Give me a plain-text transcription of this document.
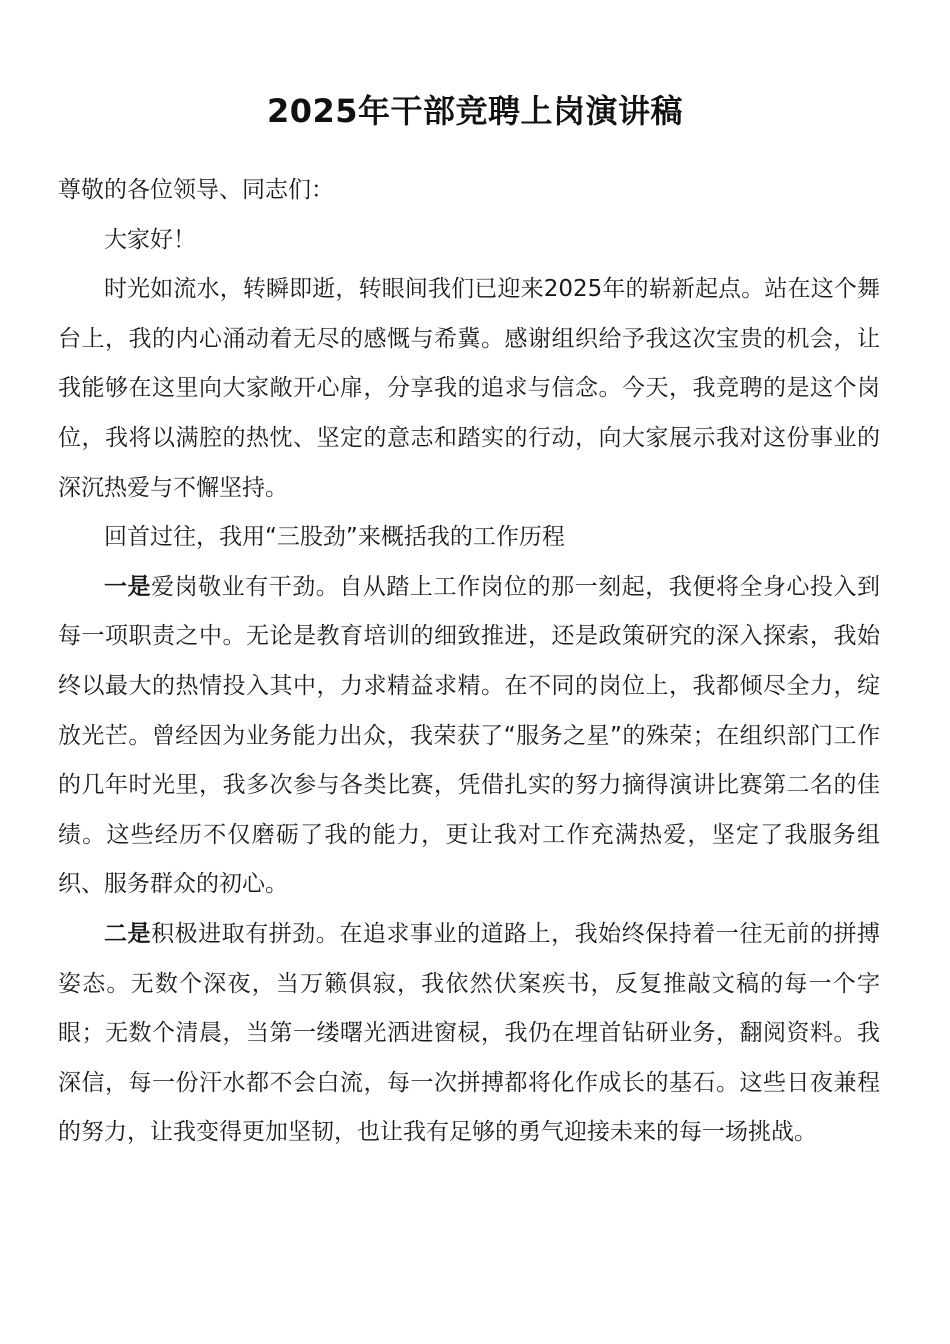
2025年干部竞聘上岗演讲稿

尊敬的各位领导、同志们：

大家好！

时光如流水，转瞬即逝，转眼间我们已迎来2025年的崭新起点。站在这个舞台上，我的内心涌动着无尽的感慨与希冀。感谢组织给予我这次宝贵的机会，让我能够在这里向大家敞开心扉，分享我的追求与信念。今天，我竞聘的是这个岗位，我将以满腔的热忱、坚定的意志和踏实的行动，向大家展示我对这份事业的深沉热爱与不懈坚持。

回首过往，我用“三股劲”来概括我的工作历程

一是爱岗敬业有干劲。自从踏上工作岗位的那一刻起，我便将全身心投入到每一项职责之中。无论是教育培训的细致推进，还是政策研究的深入探索，我始终以最大的热情投入其中，力求精益求精。在不同的岗位上，我都倾尽全力，绽放光芒。曾经因为业务能力出众，我荣获了“服务之星”的殊荣；在组织部门工作的几年时光里，我多次参与各类比赛，凭借扎实的努力摘得演讲比赛第二名的佳绩。这些经历不仅磨砺了我的能力，更让我对工作充满热爱，坚定了我服务组织、服务群众的初心。

二是积极进取有拼劲。在追求事业的道路上，我始终保持着一往无前的拼搏姿态。无数个深夜，当万籁俱寂，我依然伏案疾书，反复推敲文稿的每一个字眼；无数个清晨，当第一缕曙光洒进窗棂，我仍在埋首钻研业务，翻阅资料。我深信，每一份汗水都不会白流，每一次拼搏都将化作成长的基石。这些日夜兼程的努力，让我变得更加坚韧，也让我有足够的勇气迎接未来的每一场挑战。
